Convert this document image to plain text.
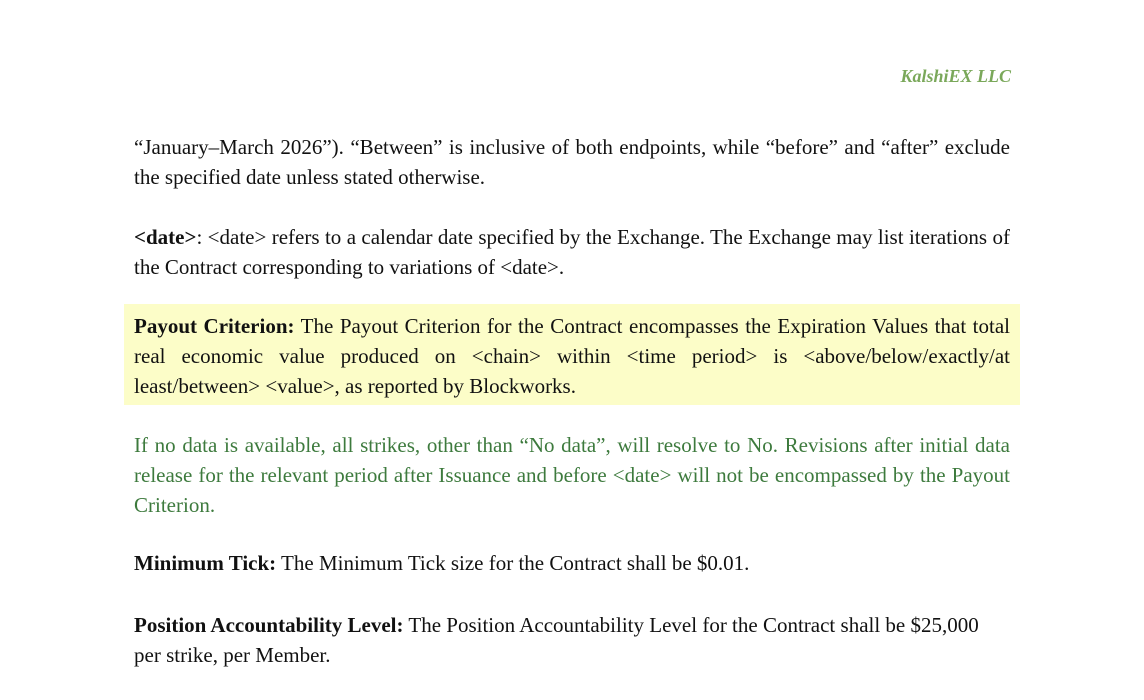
KalshiEX LLC

“January–March 2026”). “Between” is inclusive of both endpoints, while “before” and “after” exclude the specified date unless stated otherwise.

<date>: <date> refers to a calendar date specified by the Exchange. The Exchange may list iterations of the Contract corresponding to variations of <date>.

Payout Criterion: The Payout Criterion for the Contract encompasses the Expiration Values that total real economic value produced on <chain> within <time period> is <above/below/exactly/at least/between> <value>, as reported by Blockworks.

If no data is available, all strikes, other than “No data”, will resolve to No. Revisions after initial data release for the relevant period after Issuance and before <date> will not be encompassed by the Payout Criterion.

Minimum Tick: The Minimum Tick size for the Contract shall be $0.01.

Position Accountability Level: The Position Accountability Level for the Contract shall be $25,000 per strike, per Member.
